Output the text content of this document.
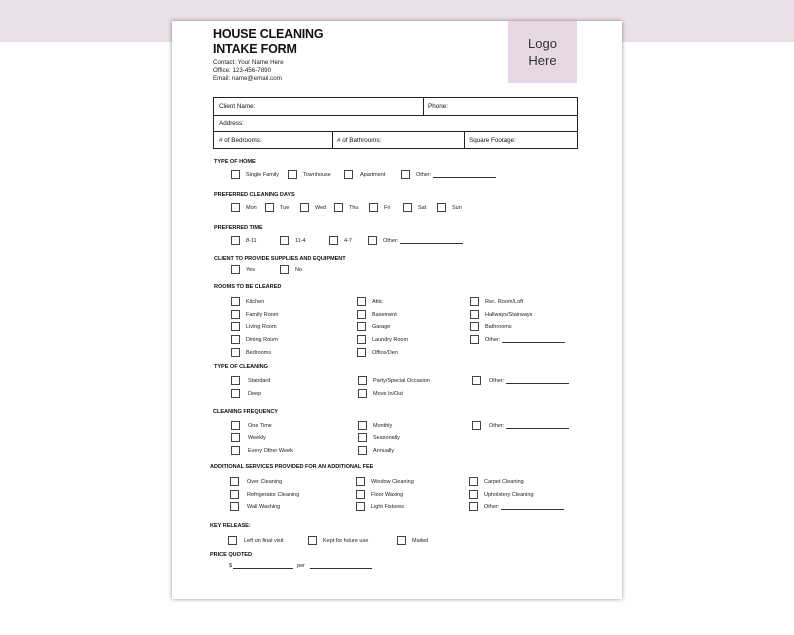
HOUSE CLEANING
INTAKE FORM
Contact: Your Name Here
Office: 123-456-7890
Email: name@email.com
Logo
Here
Client Name:	Phone:
Address:
# of Bedrooms:	# of Bathrooms:	Square Footage:
TYPE OF HOME
Single Family	Townhouse	Apartment	Other:
PREFERRED CLEANING DAYS
Mon	Tue	Wed	Thu	Fri	Sat	Sun
PREFERRED TIME
8-11	11-4	4-7	Other:
CLIENT TO PROVIDE SUPPLIES AND EQUIPMENT
Yes	No
ROOMS TO BE CLEARED
Kitchen
Family Room
Living Room
Dining Room
Bedrooms
Attic
Basement
Garage
Laundry Room
Office/Den
Rec. Room/Loft
Hallways/Stairways
Bathrooms
Other:
TYPE OF CLEANING
Standard
Deep
Party/Special Occasion
Move In/Out
Other:
CLEANING FREQUENCY
One Time
Weekly
Every Other Week
Monthly
Seasonally
Annually
Other:
ADDITIONAL SERVICES PROVIDED FOR AN ADDITIONAL FEE
Over Cleaning
Refrigerator Cleaning
Wall Washing
Window Cleaning
Floor Waxing
Light Fixtures
Carpet Cleaning
Upholstery Cleaning
Other:
KEY RELEASE:
Left on final visit	Kept for future use	Mailed
PRICE QUOTED
$	per
